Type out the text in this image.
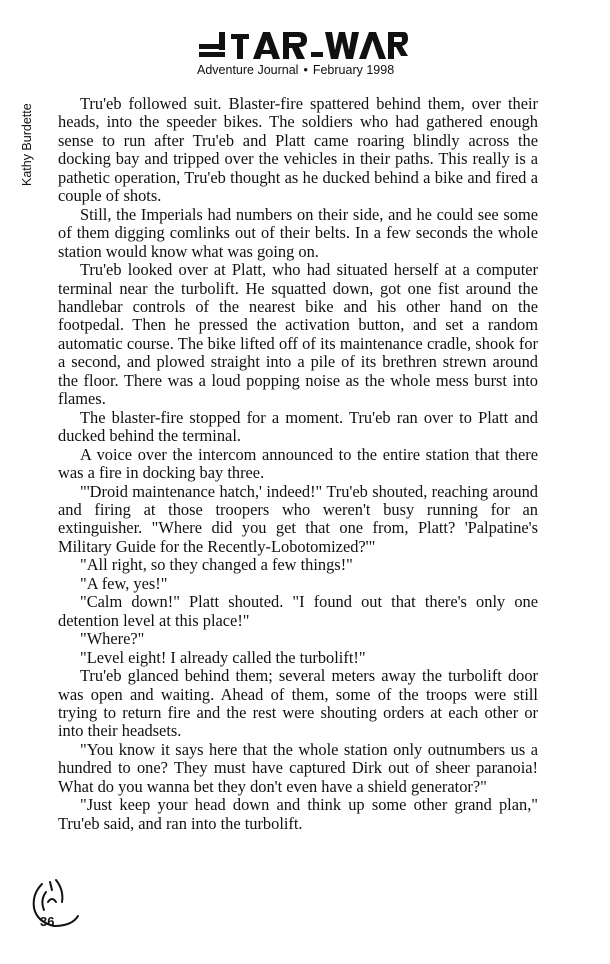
Adventure Journal • February 1998
Kathy Burdette	Tru'eb followed suit. Blaster-fire spattered behind them, over their heads, into the speeder bikes. The soldiers who had gathered enough sense to run after Tru'eb and Platt came roaring blindly across the docking bay and tripped over the vehicles in their paths. This really is a pathetic operation, Tru'eb thought as he ducked behind a bike and fired a couple of shots.

Still, the Imperials had numbers on their side, and he could see some of them digging comlinks out of their belts. In a few seconds the whole station would know what was going on.

Tru'eb looked over at Platt, who had situated herself at a computer terminal near the turbolift. He squatted down, got one fist around the handlebar controls of the nearest bike and his other hand on the footpedal. Then he pressed the activation button, and set a random automatic course. The bike lifted off of its maintenance cradle, shook for a second, and plowed straight into a pile of its brethren strewn around the floor. There was a loud popping noise as the whole mess burst into flames.

The blaster-fire stopped for a moment. Tru'eb ran over to Platt and ducked behind the terminal.

A voice over the intercom announced to the entire station that there was a fire in docking bay three.

"'Droid maintenance hatch,' indeed!" Tru'eb shouted, reaching around and firing at those troopers who weren't busy running for an extinguisher. "Where did you get that one from, Platt? 'Palpatine's Military Guide for the Recently-Lobotomized?'"

"All right, so they changed a few things!"

"A few, yes!"

"Calm down!" Platt shouted. "I found out that there's only one detention level at this place!"

"Where?"

"Level eight! I already called the turbolift!"

Tru'eb glanced behind them; several meters away the turbolift door was open and waiting. Ahead of them, some of the troops were still trying to return fire and the rest were shouting orders at each other or into their headsets.

"You know it says here that the whole station only outnumbers us a hundred to one? They must have captured Dirk out of sheer paranoia! What do you wanna bet they don't even have a shield generator?"

"Just keep your head down and think up some other grand plan," Tru'eb said, and ran into the turbolift.

36
